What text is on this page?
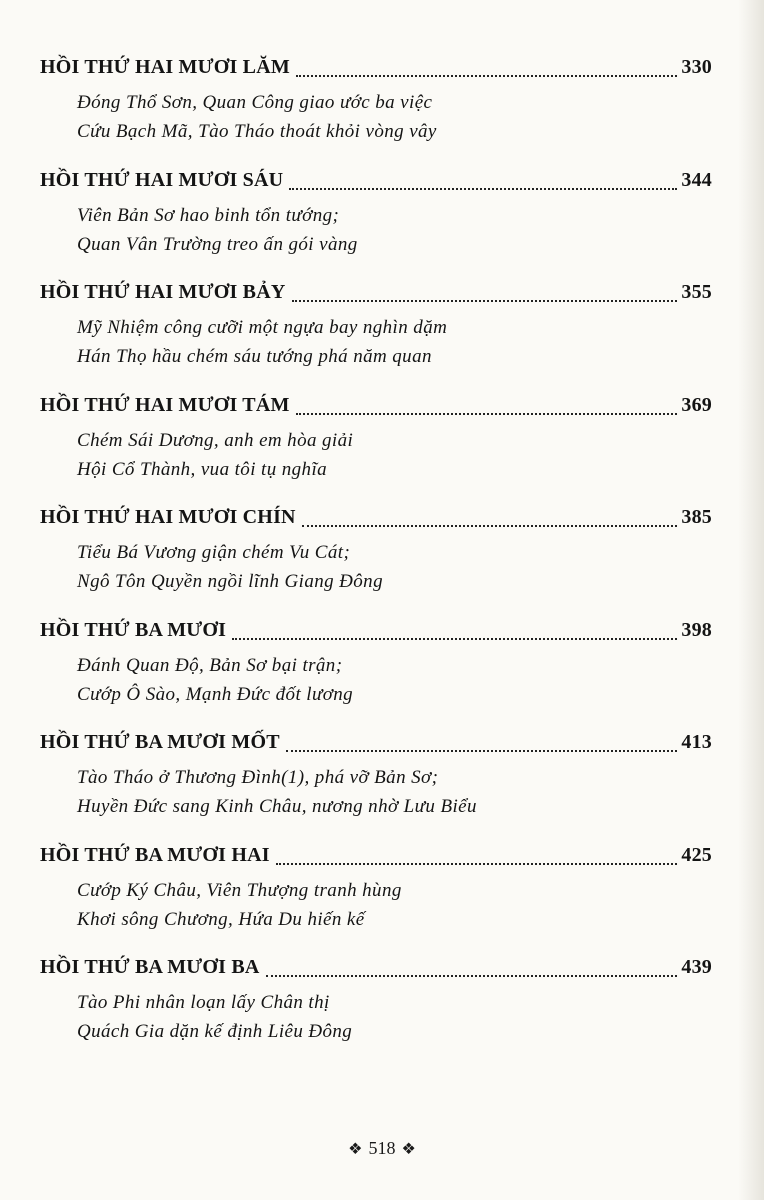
HỒI THỨ HAI MƯƠI LĂM	330
Đóng Thổ Sơn, Quan Công giao ước ba việc
Cứu Bạch Mã, Tào Tháo thoát khỏi vòng vây
HỒI THỨ HAI MƯƠI SÁU	344
Viên Bản Sơ hao binh tổn tướng;
Quan Vân Trường treo ấn gói vàng
HỒI THỨ HAI MƯƠI BẢY	355
Mỹ Nhiệm công cưỡi một ngựa bay nghìn dặm
Hán Thọ hầu chém sáu tướng phá năm quan
HỒI THỨ HAI MƯƠI TÁM	369
Chém Sái Dương, anh em hòa giải
Hội Cổ Thành, vua tôi tụ nghĩa
HỒI THỨ HAI MƯƠI CHÍN	385
Tiểu Bá Vương giận chém Vu Cát;
Ngô Tôn Quyền ngồi lĩnh Giang Đông
HỒI THỨ BA MƯƠI	398
Đánh Quan Độ, Bản Sơ bại trận;
Cướp Ô Sào, Mạnh Đức đốt lương
HỒI THỨ BA MƯƠI MỐT	413
Tào Tháo ở Thương Đình(1), phá vỡ Bản Sơ;
Huyền Đức sang Kinh Châu, nương nhờ Lưu Biểu
HỒI THỨ BA MƯƠI HAI	425
Cướp Ký Châu, Viên Thượng tranh hùng
Khơi sông Chương, Hứa Du hiến kế
HỒI THỨ BA MƯƠI BA	439
Tào Phi nhân loạn lấy Chân thị
Quách Gia dặn kế định Liêu Đông
❖ 518 ❖
